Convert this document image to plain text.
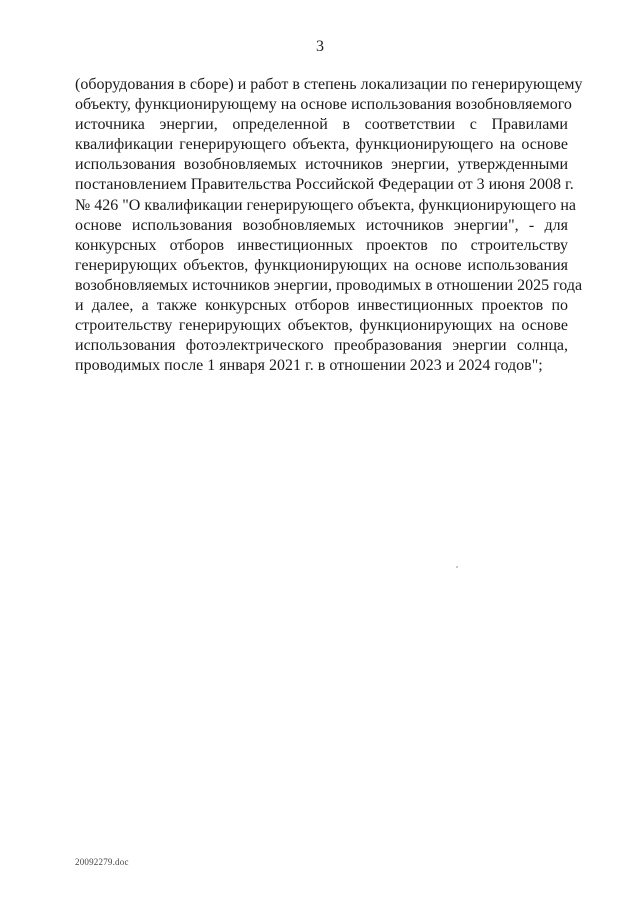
3
(оборудования в сборе) и работ в степень локализации по генерирующему
объекту, функционирующему на основе использования возобновляемого
источника энергии, определенной в соответствии с Правилами
квалификации генерирующего объекта, функционирующего на основе
использования возобновляемых источников энергии, утвержденными
постановлением Правительства Российской Федерации от 3 июня 2008 г.
№ 426 "О квалификации генерирующего объекта, функционирующего на
основе использования возобновляемых источников энергии", - для
конкурсных отборов инвестиционных проектов по строительству
генерирующих объектов, функционирующих на основе использования
возобновляемых источников энергии, проводимых в отношении 2025 года
и далее, а также конкурсных отборов инвестиционных проектов по
строительству генерирующих объектов, функционирующих на основе
использования фотоэлектрического преобразования энергии солнца,
проводимых после 1 января 2021 г. в отношении 2023 и 2024 годов";
20092279.doc
